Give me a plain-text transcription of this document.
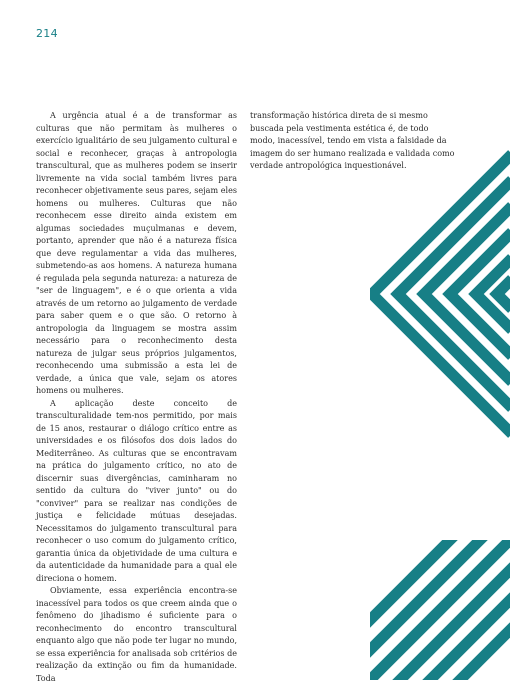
214

A urgência atual é a de transformar as culturas que não permitam às mulheres o exercício igualitário de seu julgamento cultural e social e reconhecer, graças à antropologia transcultural, que as mulheres podem se inserir livremente na vida social também livres para reconhecer objetivamente seus pares, sejam eles homens ou mulheres. Culturas que não reconhecem esse direito ainda existem em algumas sociedades muçulmanas e devem, portanto, aprender que não é a natureza física que deve regulamentar a vida das mulheres, submetendo-as aos homens. A natureza humana é regulada pela segunda natureza: a natureza de "ser de linguagem", e é o que orienta a vida através de um retorno ao julgamento de verdade para saber quem e o que são. O retorno à antropologia da linguagem se mostra assim necessário para o reconhecimento desta natureza de julgar seus próprios julgamentos, reconhecendo uma submissão a esta lei de verdade, a única que vale, sejam os atores homens ou mulheres.

A aplicação deste conceito de transculturalidade tem-nos permitido, por mais de 15 anos, restaurar o diálogo crítico entre as universidades e os filósofos dos dois lados do Mediterrâneo. As culturas que se encontravam na prática do julgamento crítico, no ato de discernir suas divergências, caminharam no sentido da cultura do "viver junto" ou do "conviver" para se realizar nas condições de justiça e felicidade mútuas desejadas. Necessitamos do julgamento transcultural para reconhecer o uso comum do julgamento crítico, garantia única da objetividade de uma cultura e da autenticidade da humanidade para a qual ele direciona o homem.

Obviamente, essa experiência encontra-se inacessível para todos os que creem ainda que o fenômeno do jihadismo é suficiente para o reconhecimento do encontro transcultural enquanto algo que não pode ter lugar no mundo, se essa experiência for analisada sob critérios de realização da extinção ou fim da humanidade. Toda

transformação histórica direta de si mesmo buscada pela vestimenta estética é, de todo modo, inacessível, tendo em vista a falsidade da imagem do ser humano realizada e validada como verdade antropológica inquestionável.
